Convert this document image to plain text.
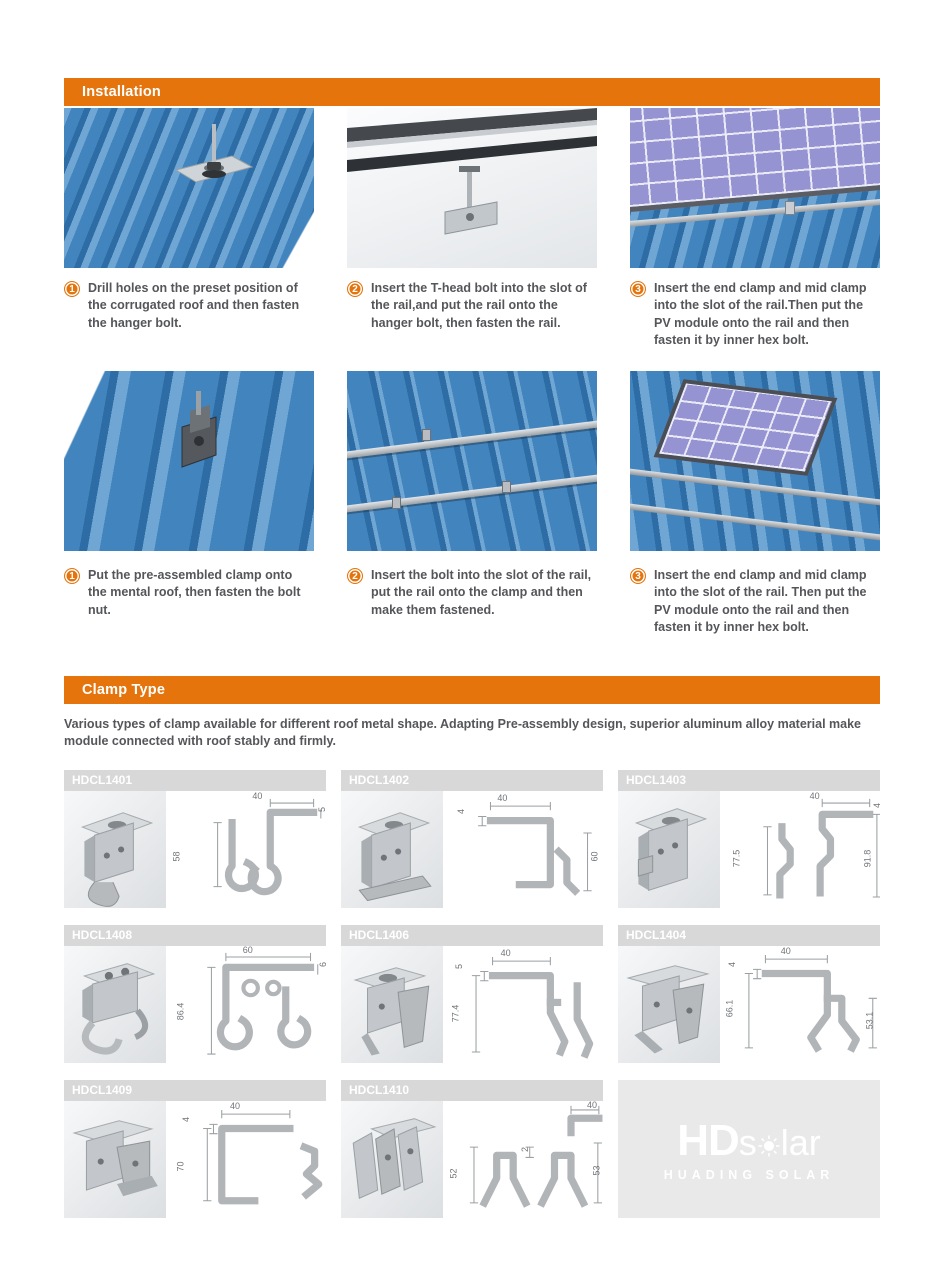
Installation
1	Drill holes on the preset position of the corrugated roof and then fasten the hanger bolt.

2	Insert the T-head bolt into the slot of the rail,and put the rail onto the hanger bolt, then fasten the rail.

3	Insert the end clamp and mid clamp into the slot of the rail.Then put the PV module onto the rail and then fasten it by inner hex bolt.

1	Put the pre-assembled clamp onto the mental roof, then fasten the bolt nut.

2	Insert the bolt into the slot of the rail, put the rail onto the clamp and then make them fastened.

3	Insert the end clamp and mid clamp into the slot of the rail. Then put the PV module onto the rail and then fasten it by inner hex bolt.

Clamp Type

Various types of clamp available for different roof metal shape. Adapting Pre-assembly design, superior aluminum alloy material make module connected with roof stably and firmly.

HDCL1401
40
5
58
HDCL1402
40
4
60
HDCL1403
40
4
77.5	91.8
HDCL1408
60
6
86.4
HDCL1406
40
5
77.4
HDCL1404
40
4
66.1
53.1
HDCL1409
40
4
70
HDCL1410
40
2
52	53
HD s lar
HUADING SOLAR
